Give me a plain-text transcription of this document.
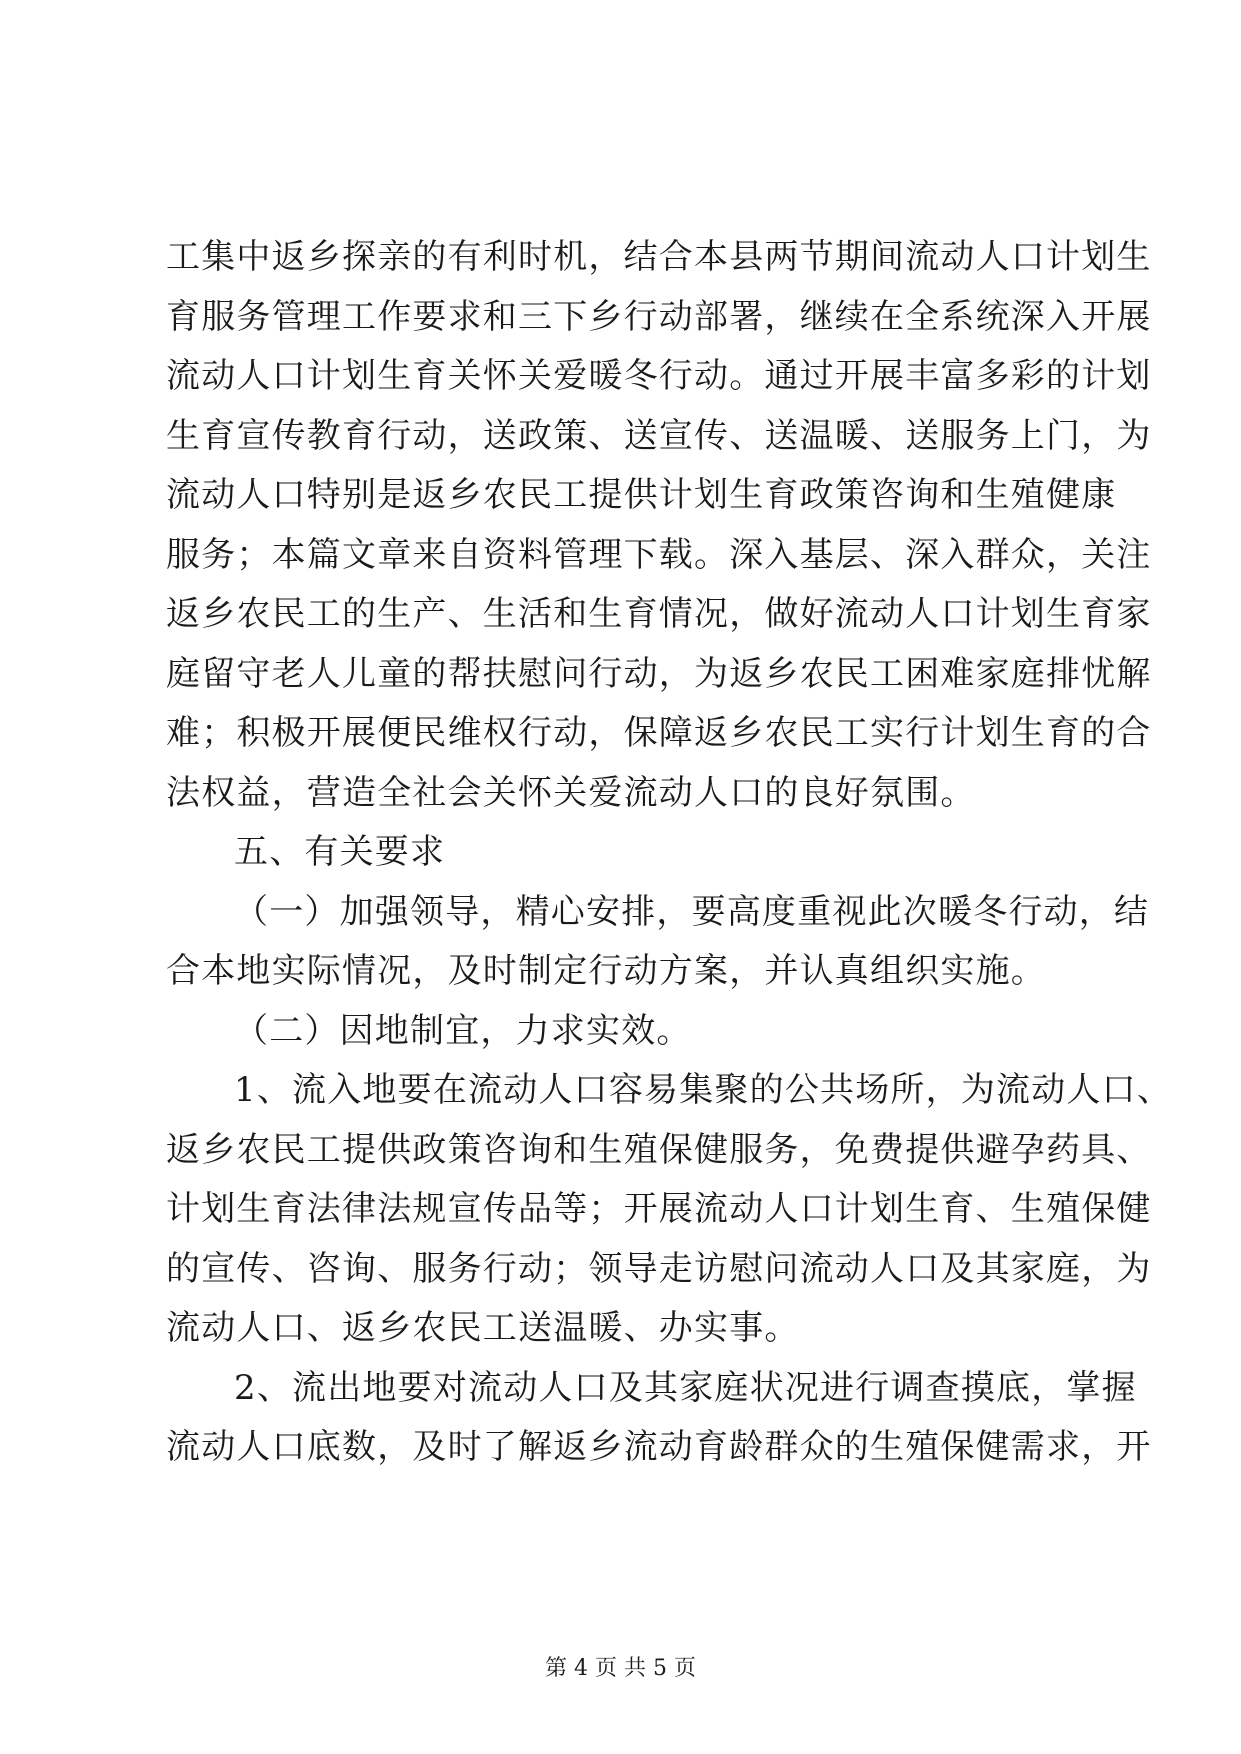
工集中返乡探亲的有利时机，结合本县两节期间流动人口计划生
育服务管理工作要求和三下乡行动部署，继续在全系统深入开展
流动人口计划生育关怀关爱暖冬行动。通过开展丰富多彩的计划
生育宣传教育行动，送政策、送宣传、送温暖、送服务上门，为
流动人口特别是返乡农民工提供计划生育政策咨询和生殖健康
服务；本篇文章来自资料管理下载。深入基层、深入群众，关注
返乡农民工的生产、生活和生育情况，做好流动人口计划生育家
庭留守老人儿童的帮扶慰问行动，为返乡农民工困难家庭排忧解
难；积极开展便民维权行动，保障返乡农民工实行计划生育的合
法权益，营造全社会关怀关爱流动人口的良好氛围。
五、有关要求
（一）加强领导，精心安排，要高度重视此次暖冬行动，结
合本地实际情况，及时制定行动方案，并认真组织实施。
（二）因地制宜，力求实效。
1、流入地要在流动人口容易集聚的公共场所，为流动人口、
返乡农民工提供政策咨询和生殖保健服务，免费提供避孕药具、
计划生育法律法规宣传品等；开展流动人口计划生育、生殖保健
的宣传、咨询、服务行动；领导走访慰问流动人口及其家庭，为
流动人口、返乡农民工送温暖、办实事。
2、流出地要对流动人口及其家庭状况进行调查摸底，掌握
流动人口底数，及时了解返乡流动育龄群众的生殖保健需求，开
第 4 页 共 5 页
